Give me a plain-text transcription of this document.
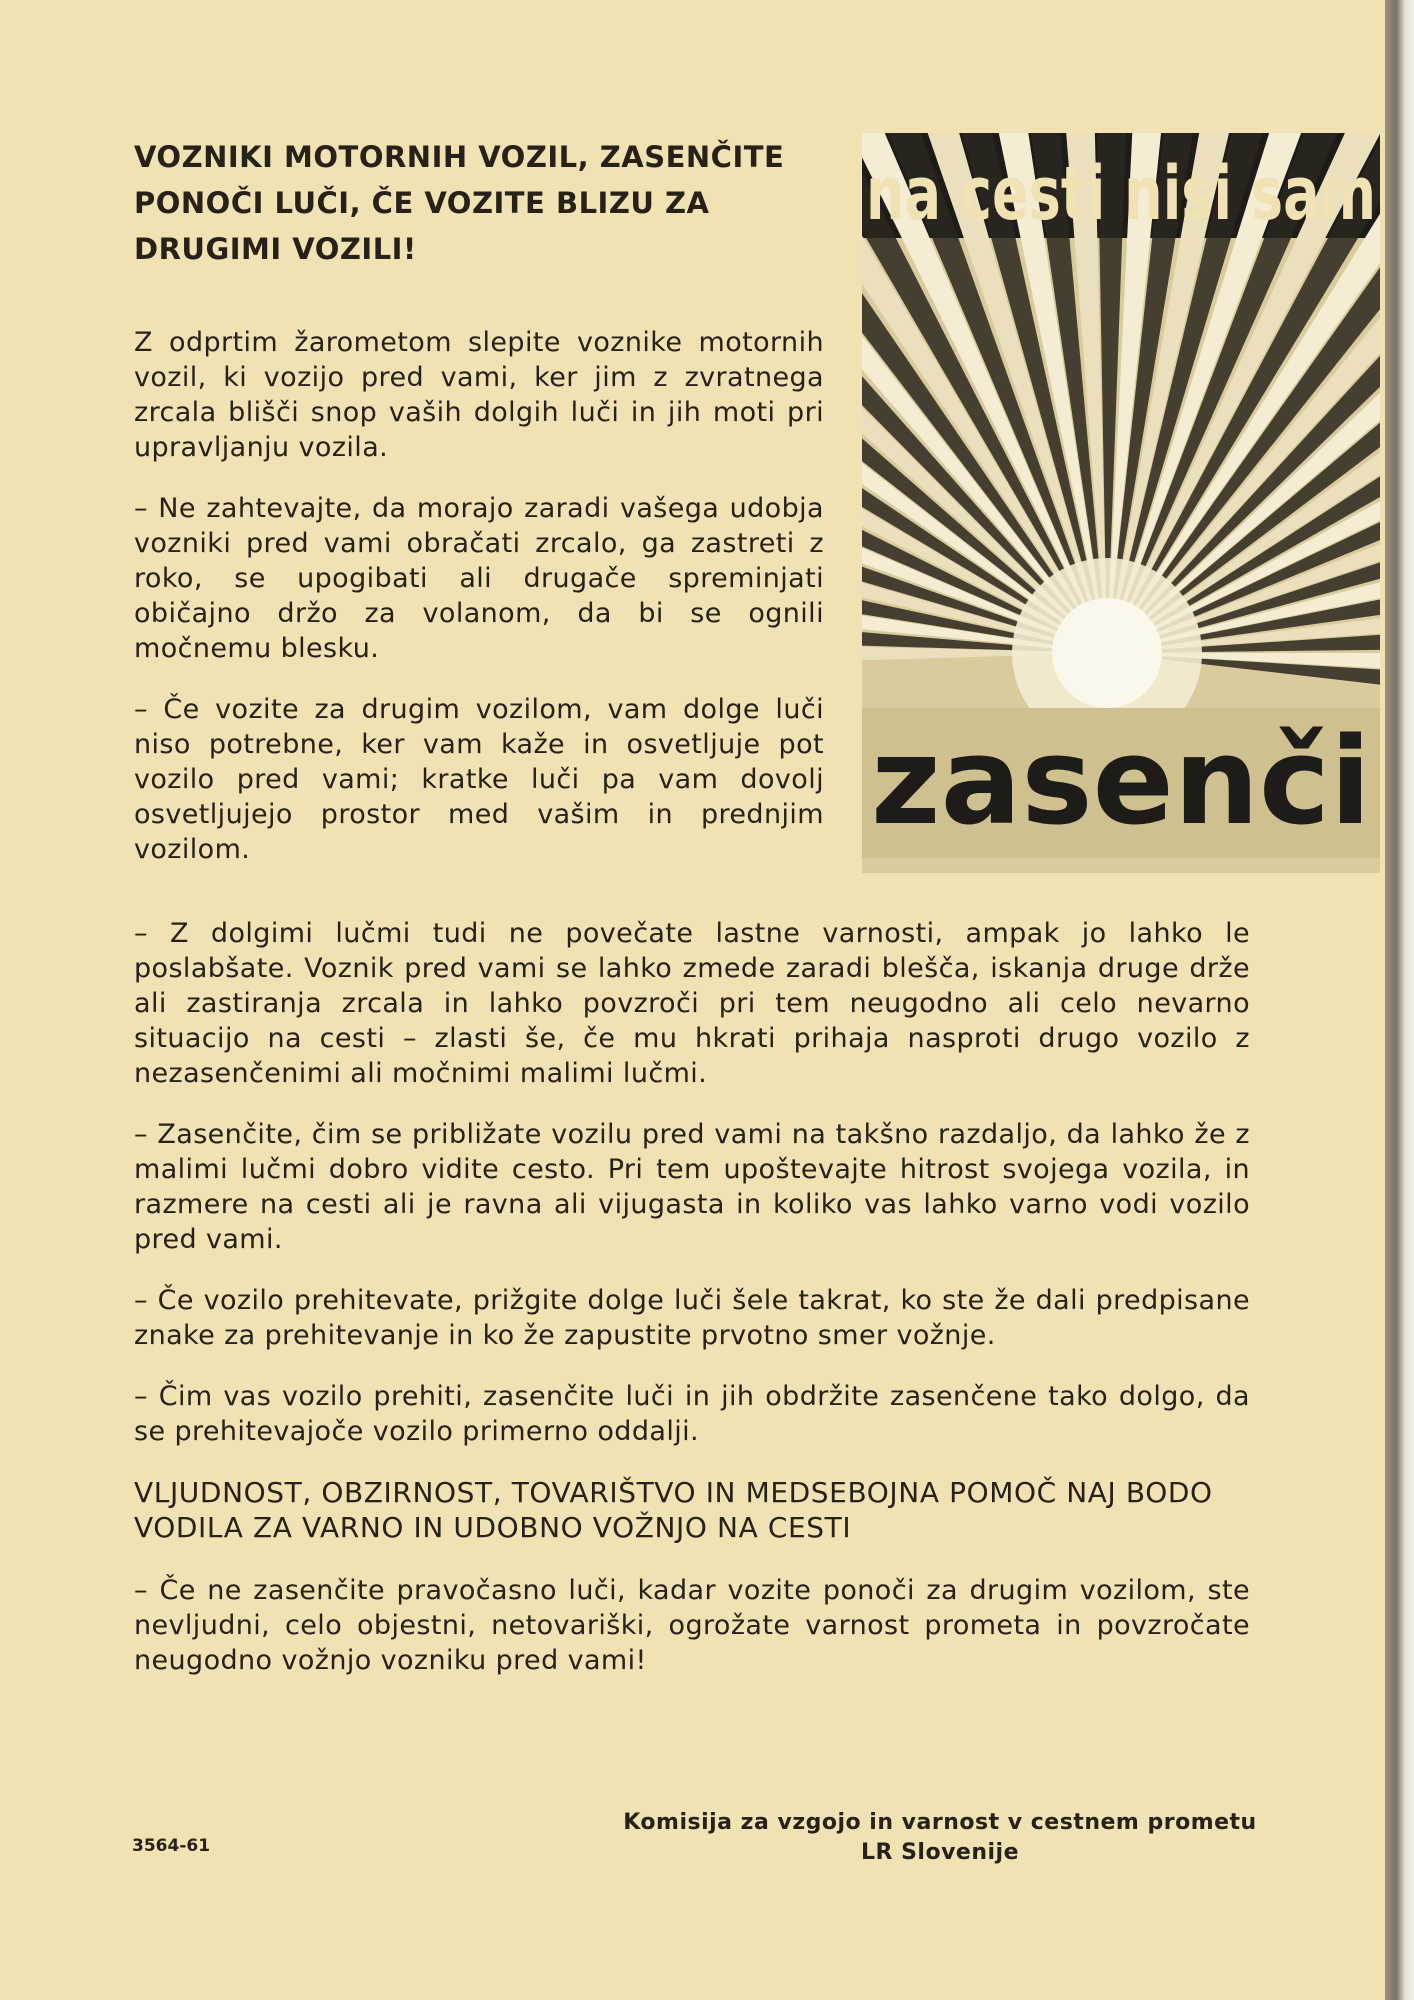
VOZNIKI MOTORNIH VOZIL, ZASENČITE PONOČI LUČI, ČE VOZITE BLIZU ZA DRUGIMI VOZILI!
na cesti nisi sam
zasenči

Z odprtim žarometom slepite voznike motornih vozil, ki vozijo pred vami, ker jim z zvratnega zrcala blišči snop vaših dolgih luči in jih moti pri upravljanju vozila.

– Ne zahtevajte, da morajo zaradi vašega udobja vozniki pred vami obračati zrcalo, ga zastreti z roko, se upogibati ali drugače spreminjati običajno držo za volanom, da bi se ognili močnemu blesku.

– Če vozite za drugim vozilom, vam dolge luči niso potrebne, ker vam kaže in osvetljuje pot vozilo pred vami; kratke luči pa vam dovolj osvetljujejo prostor med vašim in prednjim vozilom.

– Z dolgimi lučmi tudi ne povečate lastne varnosti, ampak jo lahko le poslabšate. Voznik pred vami se lahko zmede zaradi blešča, iskanja druge drže ali zastiranja zrcala in lahko povzroči pri tem neugodno ali celo nevarno situacijo na cesti – zlasti še, če mu hkrati prihaja nasproti drugo vozilo z nezasenčenimi ali močnimi malimi lučmi.

– Zasenčite, čim se približate vozilu pred vami na takšno razdaljo, da lahko že z malimi lučmi dobro vidite cesto. Pri tem upoštevajte hitrost svojega vozila, in razmere na cesti ali je ravna ali vijugasta in koliko vas lahko varno vodi vozilo pred vami.

– Če vozilo prehitevate, prižgite dolge luči šele takrat, ko ste že dali predpisane znake za prehitevanje in ko že zapustite prvotno smer vožnje.

– Čim vas vozilo prehiti, zasenčite luči in jih obdržite zasenčene tako dolgo, da se prehitevajoče vozilo primerno oddalji.

VLJUDNOST, OBZIRNOST, TOVARIŠTVO IN MEDSEBOJNA POMOČ NAJ BODO VODILA ZA VARNO IN UDOBNO VOŽNJO NA CESTI

– Če ne zasenčite pravočasno luči, kadar vozite ponoči za drugim vozilom, ste nevljudni, celo objestni, netovariški, ogrožate varnost prometa in povzročate neugodno vožnjo vozniku pred vami!

3564-61
Komisija za vzgojo in varnost v cestnem prometu
LR Slovenije
